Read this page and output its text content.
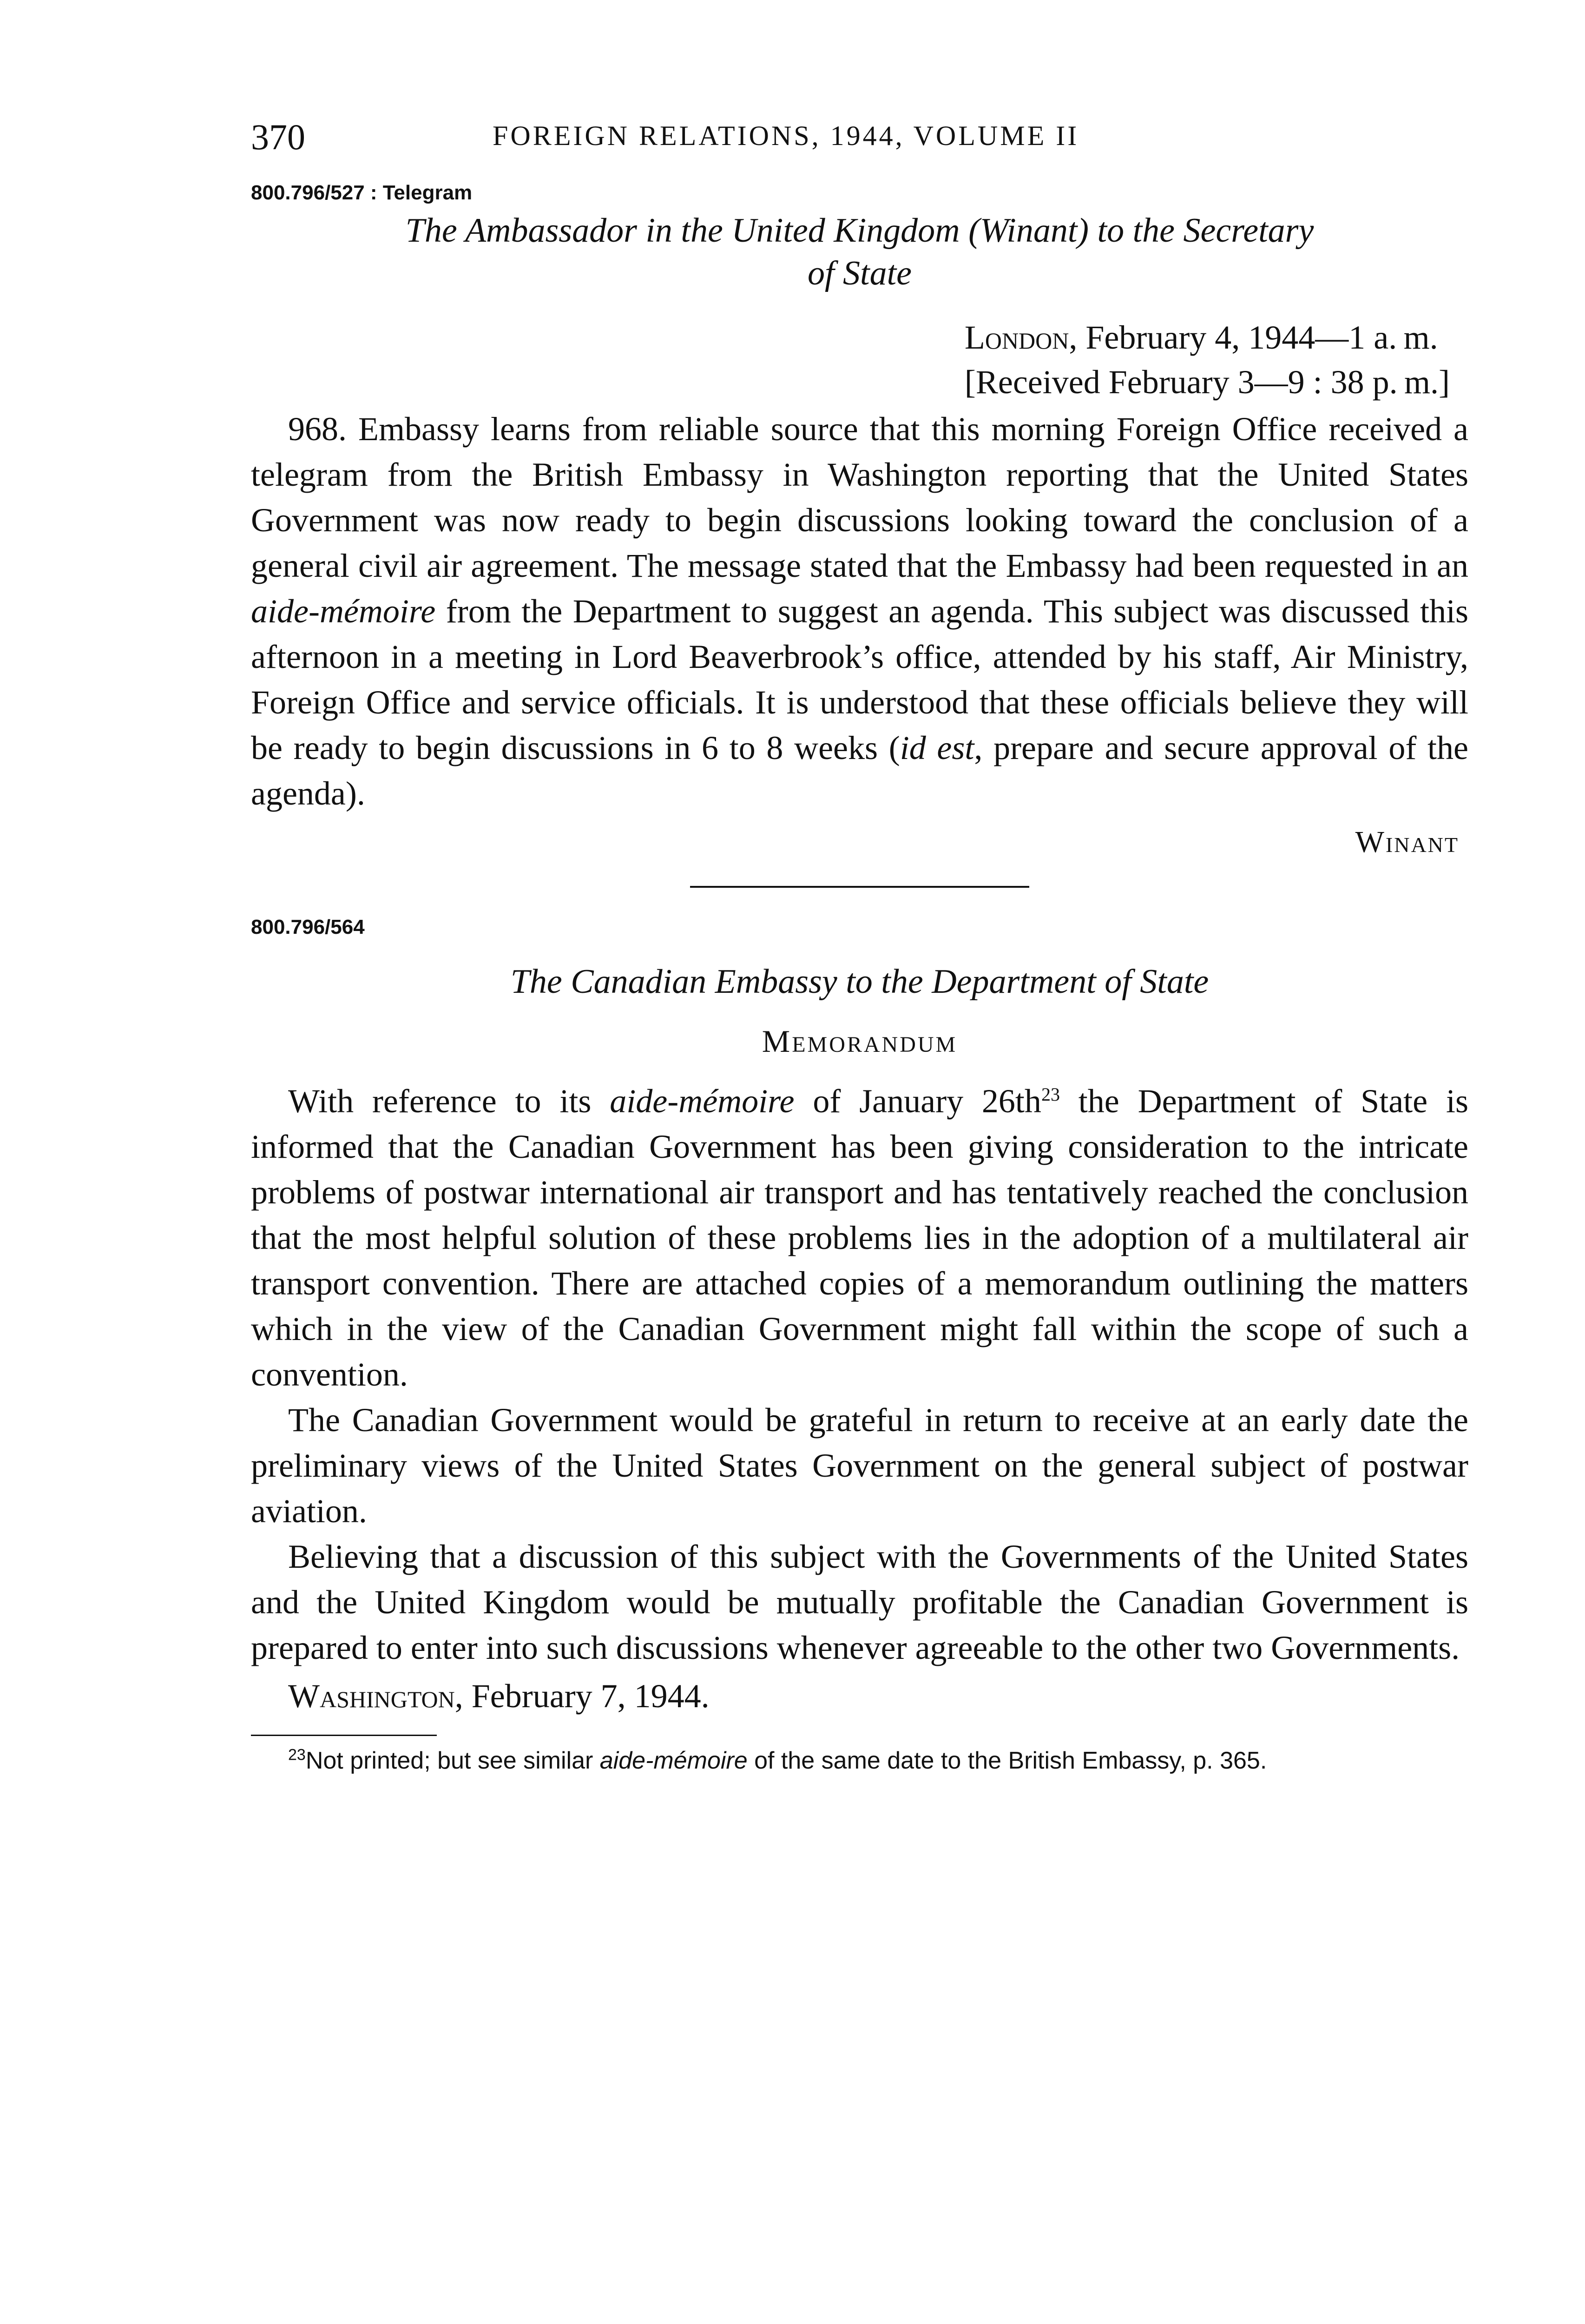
370	FOREIGN RELATIONS, 1944, VOLUME II
800.796/527 : Telegram
The Ambassador in the United Kingdom (Winant) to the Secretary
of State
London, February 4, 1944—1 a. m.
[Received February 3—9 : 38 p. m.]

968. Embassy learns from reliable source that this morning Foreign Office received a telegram from the British Embassy in Washington reporting that the United States Government was now ready to begin discussions looking toward the conclusion of a general civil air agreement. The message stated that the Embassy had been requested in an aide-mémoire from the Department to suggest an agenda. This subject was discussed this afternoon in a meeting in Lord Beaverbrook’s office, attended by his staff, Air Ministry, Foreign Office and service officials. It is understood that these officials believe they will be ready to begin discussions in 6 to 8 weeks (id est, prepare and secure approval of the agenda).

Winant
800.796/564
The Canadian Embassy to the Department of State
Memorandum

With reference to its aide-mémoire of January $26th^{23}$ the Department of State is informed that the Canadian Government has been giving consideration to the intricate problems of postwar international air transport and has tentatively reached the conclusion that the most helpful solution of these problems lies in the adoption of a multilateral air transport convention. There are attached copies of a memorandum outlining the matters which in the view of the Canadian Government might fall within the scope of such a convention.

The Canadian Government would be grateful in return to receive at an early date the preliminary views of the United States Government on the general subject of postwar aviation.

Believing that a discussion of this subject with the Governments of the United States and the United Kingdom would be mutually profitable the Canadian Government is prepared to enter into such discussions whenever agreeable to the other two Governments.

Washington, February 7, 1944.
$^{23}$Not printed; but see similar aide-mémoire of the same date to the British Embassy, p. 365.
